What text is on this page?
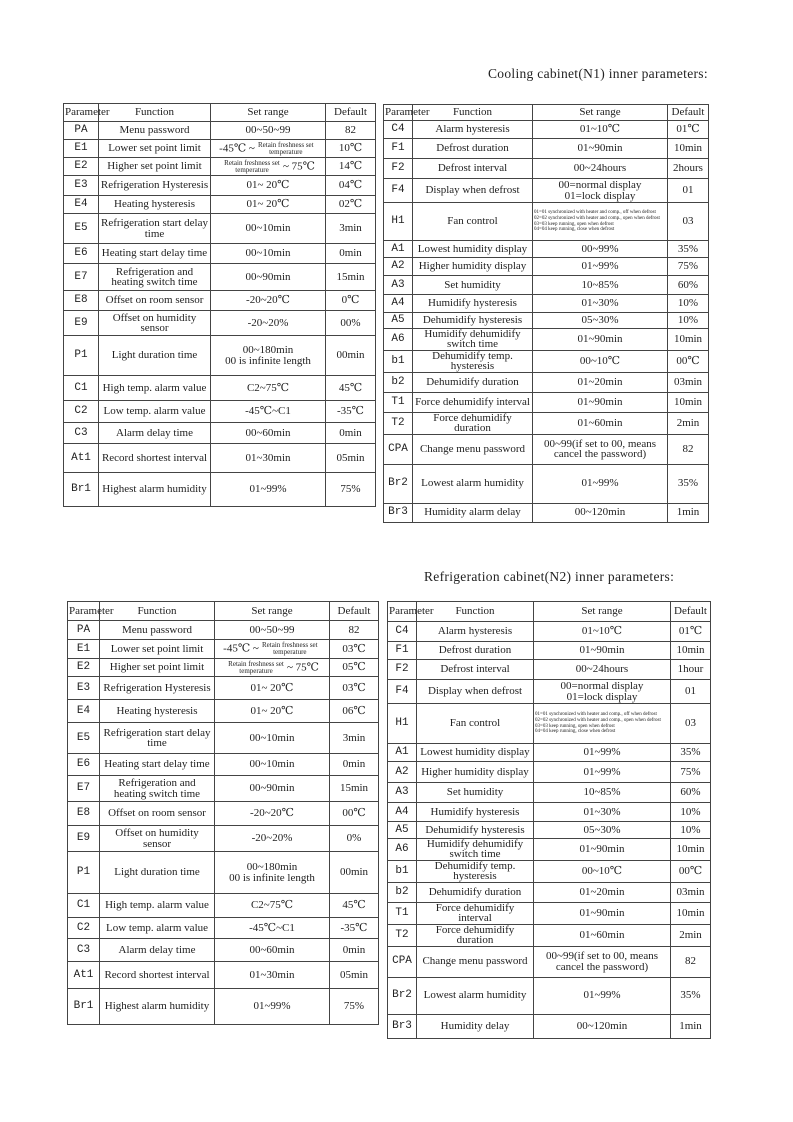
Cooling cabinet(N1) inner parameters:
Parameter	Function	Set range	Default
PA	Menu password	00~50~99	82
E1	Lower set point limit	-45℃ ~ Retain freshness set temperature	10℃
E2	Higher set point limit	Retain freshness set temperature ~ 75℃	14℃
E3	Refrigeration Hysteresis	01~ 20℃	04℃
E4	Heating hysteresis	01~ 20℃	02℃
E5	Refrigeration start delay time	00~10min	3min
E6	Heating start delay time	00~10min	0min
E7	Refrigeration and heating switch time	00~90min	15min
E8	Offset on room sensor	-20~20℃	0℃
E9	Offset on humidity sensor	-20~20%	00%
P1	Light duration time	00~180min
00 is infinite length	00min
C1	High temp. alarm value	C2~75℃	45℃
C2	Low temp. alarm value	-45℃~C1	-35℃
C3	Alarm delay time	00~60min	0min
At1	Record shortest interval	01~30min	05min
Br1	Highest alarm humidity	01~99%	75%
Parameter	Function	Set range	Default
C4	Alarm hysteresis	01~10℃	01℃
F1	Defrost duration	01~90min	10min
F2	Defrost interval	00~24hours	2hours
F4	Display when defrost	00=normal display
01=lock display	01
H1	Fan control	01=01 synchronized with heater and comp., off when defrost
02=02 synchronized with heater and comp., open when defrost
03=03 keep running, open when defrost
04=04 keep running, close when defrost	03
A1	Lowest humidity display	00~99%	35%
A2	Higher humidity display	01~99%	75%
A3	Set humidity	10~85%	60%
A4	Humidify hysteresis	01~30%	10%
A5	Dehumidify hysteresis	05~30%	10%
A6	Humidify dehumidify switch time	01~90min	10min
b1	Dehumidify temp. hysteresis	00~10℃	00℃
b2	Dehumidify duration	01~20min	03min
T1	Force dehumidify interval	01~90min	10min
T2	Force dehumidify duration	01~60min	2min
CPA	Change menu password	00~99(if set to 00, means
cancel the password)	82
Br2	Lowest alarm humidity	01~99%	35%
Br3	Humidity alarm delay	00~120min	1min
Refrigeration cabinet(N2) inner parameters:
Parameter	Function	Set range	Default
PA	Menu password	00~50~99	82
E1	Lower set point limit	-45℃ ~ Retain freshness set temperature	03℃
E2	Higher set point limit	Retain freshness set temperature ~ 75℃	05℃
E3	Refrigeration Hysteresis	01~ 20℃	03℃
E4	Heating hysteresis	01~ 20℃	06℃
E5	Refrigeration start delay time	00~10min	3min
E6	Heating start delay time	00~10min	0min
E7	Refrigeration and heating switch time	00~90min	15min
E8	Offset on room sensor	-20~20℃	00℃
E9	Offset on humidity sensor	-20~20%	0%
P1	Light duration time	00~180min
00 is infinite length	00min
C1	High temp. alarm value	C2~75℃	45℃
C2	Low temp. alarm value	-45℃~C1	-35℃
C3	Alarm delay time	00~60min	0min
At1	Record shortest interval	01~30min	05min
Br1	Highest alarm humidity	01~99%	75%
Parameter	Function	Set range	Default
C4	Alarm hysteresis	01~10℃	01℃
F1	Defrost duration	01~90min	10min
F2	Defrost interval	00~24hours	1hour
F4	Display when defrost	00=normal display
01=lock display	01
H1	Fan control	01=01 synchronized with heater and comp., off when defrost
02=02 synchronized with heater and comp., open when defrost
03=03 keep running, open when defrost
04=04 keep running, close when defrost	03
A1	Lowest humidity display	01~99%	35%
A2	Higher humidity display	01~99%	75%
A3	Set humidity	10~85%	60%
A4	Humidify hysteresis	01~30%	10%
A5	Dehumidify hysteresis	05~30%	10%
A6	Humidify dehumidify switch time	01~90min	10min
b1	Dehumidify temp. hysteresis	00~10℃	00℃
b2	Dehumidify duration	01~20min	03min
T1	Force dehumidify interval	01~90min	10min
T2	Force dehumidify duration	01~60min	2min
CPA	Change menu password	00~99(if set to 00, means
cancel the password)	82
Br2	Lowest alarm humidity	01~99%	35%
Br3	Humidity delay	00~120min	1min
